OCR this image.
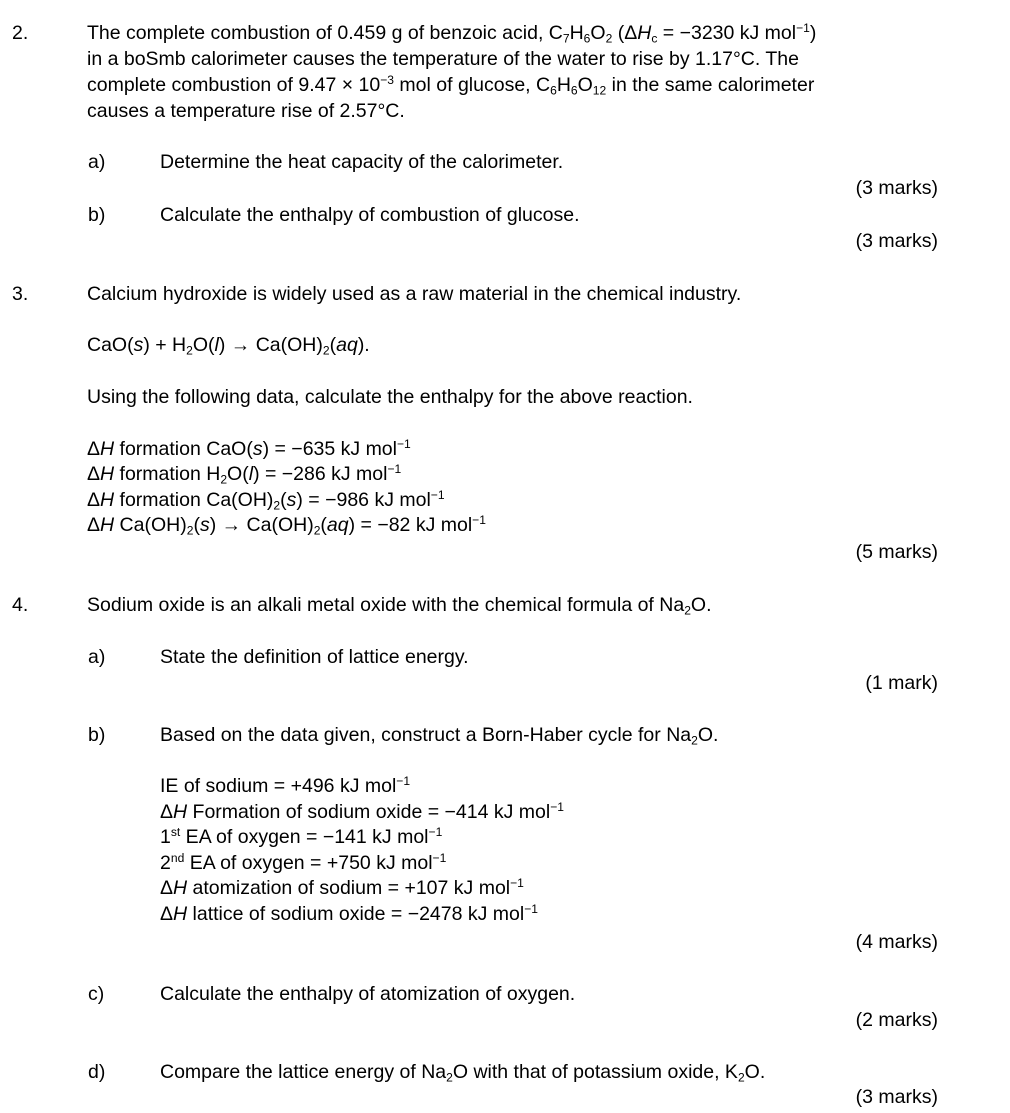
2.	The complete combustion of 0.459 g of benzoic acid, $C_7H_6O_2$ ($\Delta H_c = -3230$ kJ mol$^{-1}$)
in a boSmb calorimeter causes the temperature of the water to rise by 1.17°C. The
complete combustion of $9.47 \times 10^{-3}$ mol of glucose, $C_6H_6O_{12}$ in the same calorimeter
causes a temperature rise of 2.57°C.
a)	Determine the heat capacity of the calorimeter.
(3 marks)
b)	Calculate the enthalpy of combustion of glucose.
(3 marks)
3.	Calcium hydroxide is widely used as a raw material in the chemical industry.
$CaO(s) + H_2O(l) \to Ca(OH)_2(aq)$.
Using the following data, calculate the enthalpy for the above reaction.
ΔH formation CaO(s) = −635 kJ mol$^{-1}$
ΔH formation $H_2O(l) = -286$ kJ mol$^{-1}$
ΔH formation $Ca(OH)_2(s) = -986$ kJ mol$^{-1}$
ΔH $Ca(OH)_2(s) \to Ca(OH)_2(aq) = -82$ kJ mol$^{-1}$
(5 marks)
4.	Sodium oxide is an alkali metal oxide with the chemical formula of $Na_2O$.
a)	State the definition of lattice energy.
(1 mark)
b)	Based on the data given, construct a Born-Haber cycle for $Na_2O$.
IE of sodium = +496 kJ mol$^{-1}$
ΔH Formation of sodium oxide = −414 kJ mol$^{-1}$
1st EA of oxygen = −141 kJ mol$^{-1}$
2nd EA of oxygen = +750 kJ mol$^{-1}$
ΔH atomization of sodium = +107 kJ mol$^{-1}$
ΔH lattice of sodium oxide = −2478 kJ mol$^{-1}$
(4 marks)
c)	Calculate the enthalpy of atomization of oxygen.
(2 marks)
d)	Compare the lattice energy of $Na_2O$ with that of potassium oxide, $K_2O$.
(3 marks)
